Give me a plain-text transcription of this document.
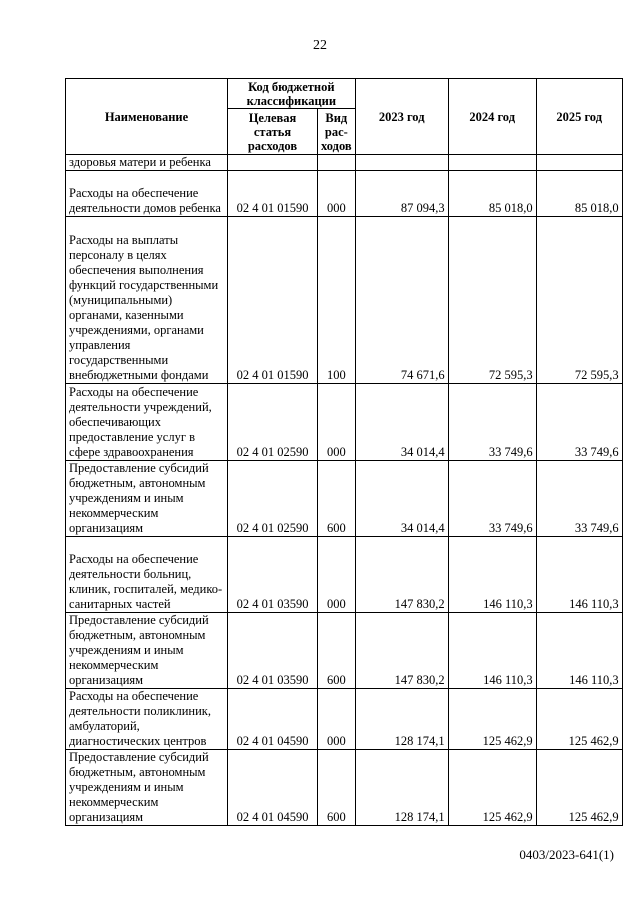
22
Наименование	Код бюджетной классификации		2023 год	2024 год	2025 год
	Целевая статья расходов	Вид рас-ходов			
здоровья матери и ребенка					
Расходы на обеспечение деятельности домов ребенка	02 4 01 01590	000	87 094,3	85 018,0	85 018,0
Расходы на выплаты персоналу в целях обеспечения выполнения функций государственными (муниципальными) органами, казенными учреждениями, органами управления государственными внебюджетными фондами	02 4 01 01590	100	74 671,6	72 595,3	72 595,3
Расходы на обеспечение деятельности учреждений, обеспечивающих предоставление услуг в сфере здравоохранения	02 4 01 02590	000	34 014,4	33 749,6	33 749,6
Предоставление субсидий бюджетным, автономным учреждениям и иным некоммерческим организациям	02 4 01 02590	600	34 014,4	33 749,6	33 749,6
Расходы на обеспечение деятельности больниц, клиник, госпиталей, медико-санитарных частей	02 4 01 03590	000	147 830,2	146 110,3	146 110,3
Предоставление субсидий бюджетным, автономным учреждениям и иным некоммерческим организациям	02 4 01 03590	600	147 830,2	146 110,3	146 110,3
Расходы на обеспечение деятельности поликлиник, амбулаторий, диагностических центров	02 4 01 04590	000	128 174,1	125 462,9	125 462,9
Предоставление субсидий бюджетным, автономным учреждениям и иным некоммерческим организациям	02 4 01 04590	600	128 174,1	125 462,9	125 462,9
0403/2023-641(1)
